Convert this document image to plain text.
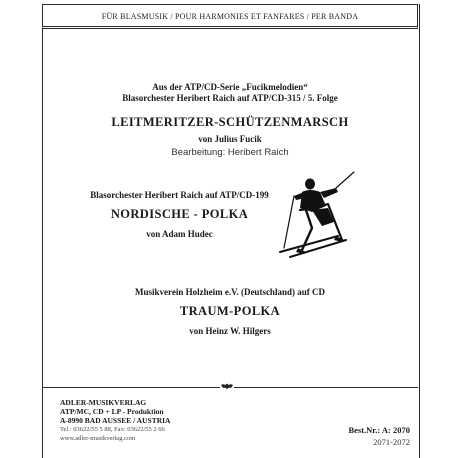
FÜR BLASMUSIK / POUR HARMONIES ET FANFARES / PER BANDA
Aus der ATP/CD-Serie „Fucikmelodien“
Blasorchester Heribert Raich auf ATP/CD-315 / 5. Folge
LEITMERITZER-SCHÜTZENMARSCH
von Julius Fucik
Bearbeitung: Heribert Raich
Blasorchester Heribert Raich auf ATP/CD-199
NORDISCHE - POLKA
von Adam Hudec
Musikverein Holzheim e.V. (Deutschland) auf CD
TRAUM-POLKA
von Heinz W. Hilgers
ADLER-MUSIKVERLAG
ATP/MC, CD + LP - Produktion
A-8990 BAD AUSSEE / AUSTRIA
Tel.: 03622/55 5 88, Fax: 03622/55 2 66
www.adler-musikverlag.com
Best.Nr.: A: 2070
2071-2072
